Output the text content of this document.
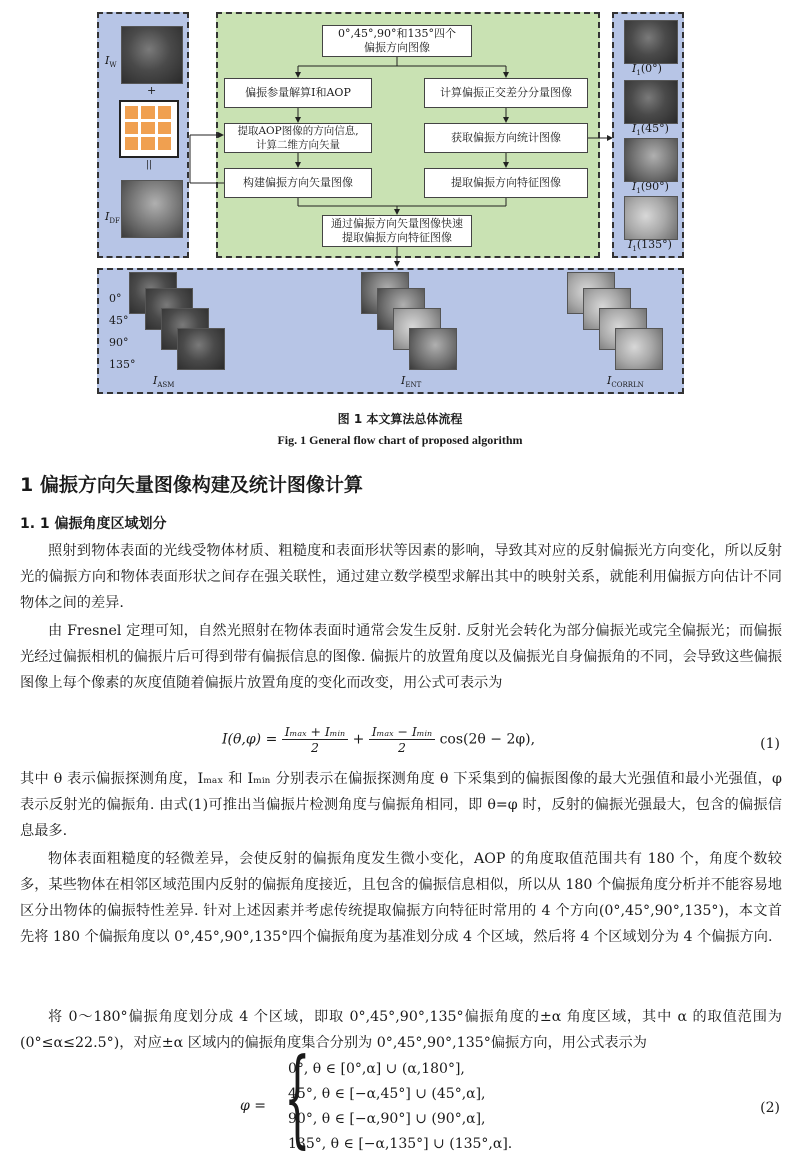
$I_W$
+
||
$I_{DF}$
0°,45°,90°和135°四个
偏振方向图像
偏振参量解算I和AOP
提取AOP图像的方向信息,
计算二维方向矢量
构建偏振方向矢量图像
计算偏振正交差分分量图像
获取偏振方向统计图像
提取偏振方向特征图像
通过偏振方向矢量图像快速
提取偏振方向特征图像
$I_1(0^\circ)$
$I_1(45^\circ)$
$I_1(90^\circ)$
$I_1(135^\circ)$
0°
45°
90°
135°
$I_{ASM}$	$I_{ENT}$	$I_{CORRLN}$
图 1 本文算法总体流程
Fig. 1 General flow chart of proposed algorithm
1 偏振方向矢量图像构建及统计图像计算
1. 1 偏振角度区域划分
照射到物体表面的光线受物体材质、粗糙度和表面形状等因素的影响，导致其对应的反射偏振光方向变化，所以反射光的偏振方向和物体表面形状之间存在强关联性，通过建立数学模型求解出其中的映射关系，就能利用偏振方向估计不同物体之间的差异.
由 Fresnel 定理可知，自然光照射在物体表面时通常会发生反射. 反射光会转化为部分偏振光或完全偏振光；而偏振光经过偏振相机的偏振片后可得到带有偏振信息的图像. 偏振片的放置角度以及偏振光自身偏振角的不同，会导致这些偏振图像上每个像素的灰度值随着偏振片放置角度的变化而改变，用公式可表示为
$I(\theta,\varphi) = \frac{\text{Iₘₐₓ + Iₘᵢₙ}}{2} + \frac{\text{Iₘₐₓ − Iₘᵢₙ}}{2} \cos(2\theta - 2\varphi)$,	(1)
其中 θ 表示偏振探测角度，Iₘₐₓ 和 Iₘᵢₙ 分别表示在偏振探测角度 θ 下采集到的偏振图像的最大光强值和最小光强值，φ 表示反射光的偏振角. 由式(1)可推出当偏振片检测角度与偏振角相同，即 θ=φ 时，反射的偏振光强最大，包含的偏振信息最多.
物体表面粗糙度的轻微差异，会使反射的偏振角度发生微小变化，AOP 的角度取值范围共有 180 个，角度个数较多，某些物体在相邻区域范围内反射的偏振角度接近，且包含的偏振信息相似，所以从 180 个偏振角度分析并不能容易地区分出物体的偏振特性差异. 针对上述因素并考虑传统提取偏振方向特征时常用的 4 个方向(0°,45°,90°,135°)，本文首先将 180 个偏振角度以 0°,45°,90°,135°四个偏振角度为基准划分成 4 个区域，然后将 4 个区域划分为 4 个偏振方向.
将 0～180°偏振角度划分成 4 个区域，即取 0°,45°,90°,135°偏振角度的±α 角度区域，其中 α 的取值范围为(0°≤α≤22.5°)，对应±α 区域内的偏振角度集合分别为 0°,45°,90°,135°偏振方向，用公式表示为
φ = {
0°, θ ∈ [0°,α] ∪ (α,180°],
45°, θ ∈ [−α,45°] ∪ (45°,α],
90°, θ ∈ [−α,90°] ∪ (90°,α],
135°, θ ∈ [−α,135°] ∪ (135°,α].
(2)
